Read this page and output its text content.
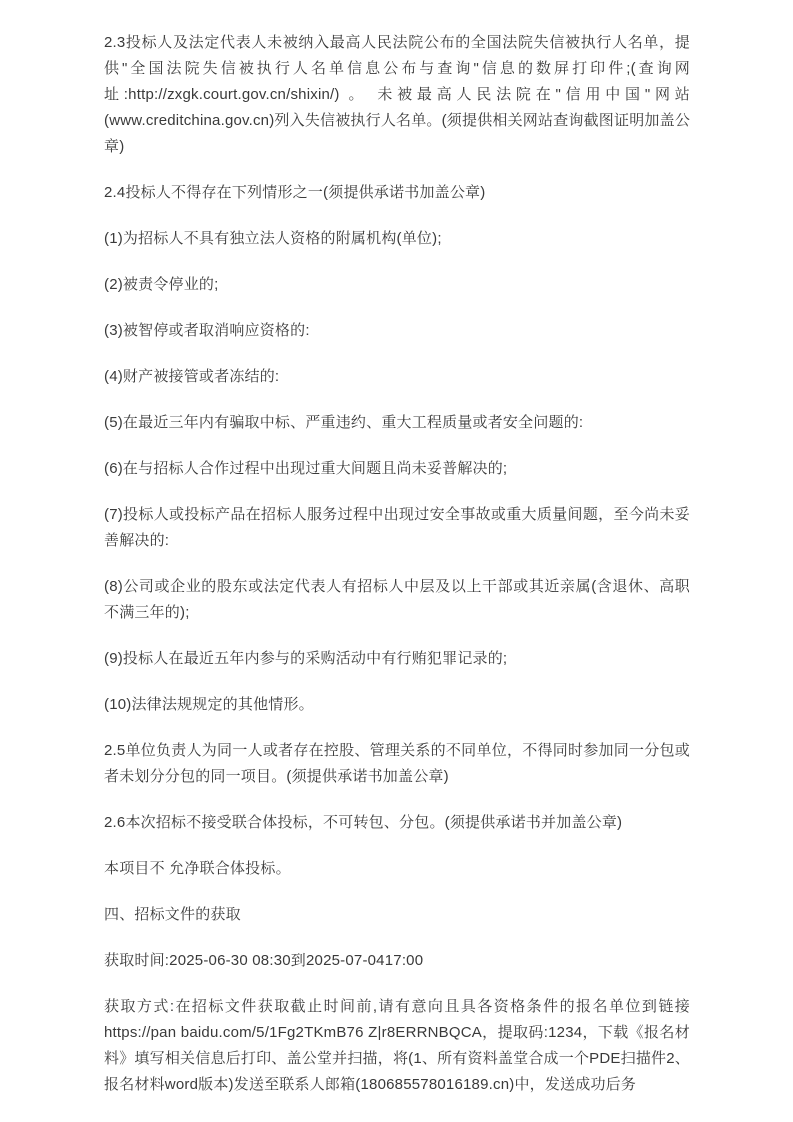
2.3投标人及法定代表人未被纳入最高人民法院公布的全国法院失信被执行人名单，提供"全国法院失信被执行人名单信息公布与查询"信息的数屏打印件;(查询网址:http://zxgk.court.gov.cn/shixin/) 。 未被最高人民法院在"信用中国"网站(www.creditchina.gov.cn)列入失信被执行人名单。(须提供相关网站查询截图证明加盖公章)

2.4投标人不得存在下列情形之一(须提供承诺书加盖公章)

(1)为招标人不具有独立法人资格的附属机构(单位);

(2)被责令停业的;

(3)被智停或者取消响应资格的:

(4)财产被接管或者冻结的:

(5)在最近三年内有骗取中标、严重违约、重大工程质量或者安全问题的:

(6)在与招标人合作过程中出现过重大间题且尚未妥普解决的;

(7)投标人或投标产品在招标人服务过程中出现过安全事故或重大质量间题，至今尚未妥善解决的:

(8)公司或企业的股东或法定代表人有招标人中层及以上干部或其近亲属(含退休、高职不满三年的);

(9)投标人在最近五年内参与的采购活动中有行贿犯罪记录的;

(10)法律法规规定的其他情形。

2.5单位负责人为同一人或者存在控股、管理关系的不同单位，不得同时参加同一分包或者未划分分包的同一项目。(须提供承诺书加盖公章)

2.6本次招标不接受联合体投标，不可转包、分包。(须提供承诺书并加盖公章)

本项目不 允净联合体投标。

四、招标文件的获取

获取时间:2025-06-30 08:30到2025-07-0417:00

获取方式:在招标文件获取截止时间前,请有意向且具各资格条件的报名单位到链接https://pan baidu.com/5/1Fg2TKmB76 Z|r8ERRNBQCA，提取码:1234，下载《报名材料》填写相关信息后打印、盖公堂并扫描，将(1、所有资料盖堂合成一个PDE扫描件2、报名材料word版本)发送至联系人郎箱(180685578016189.cn)中，发送成功后务
